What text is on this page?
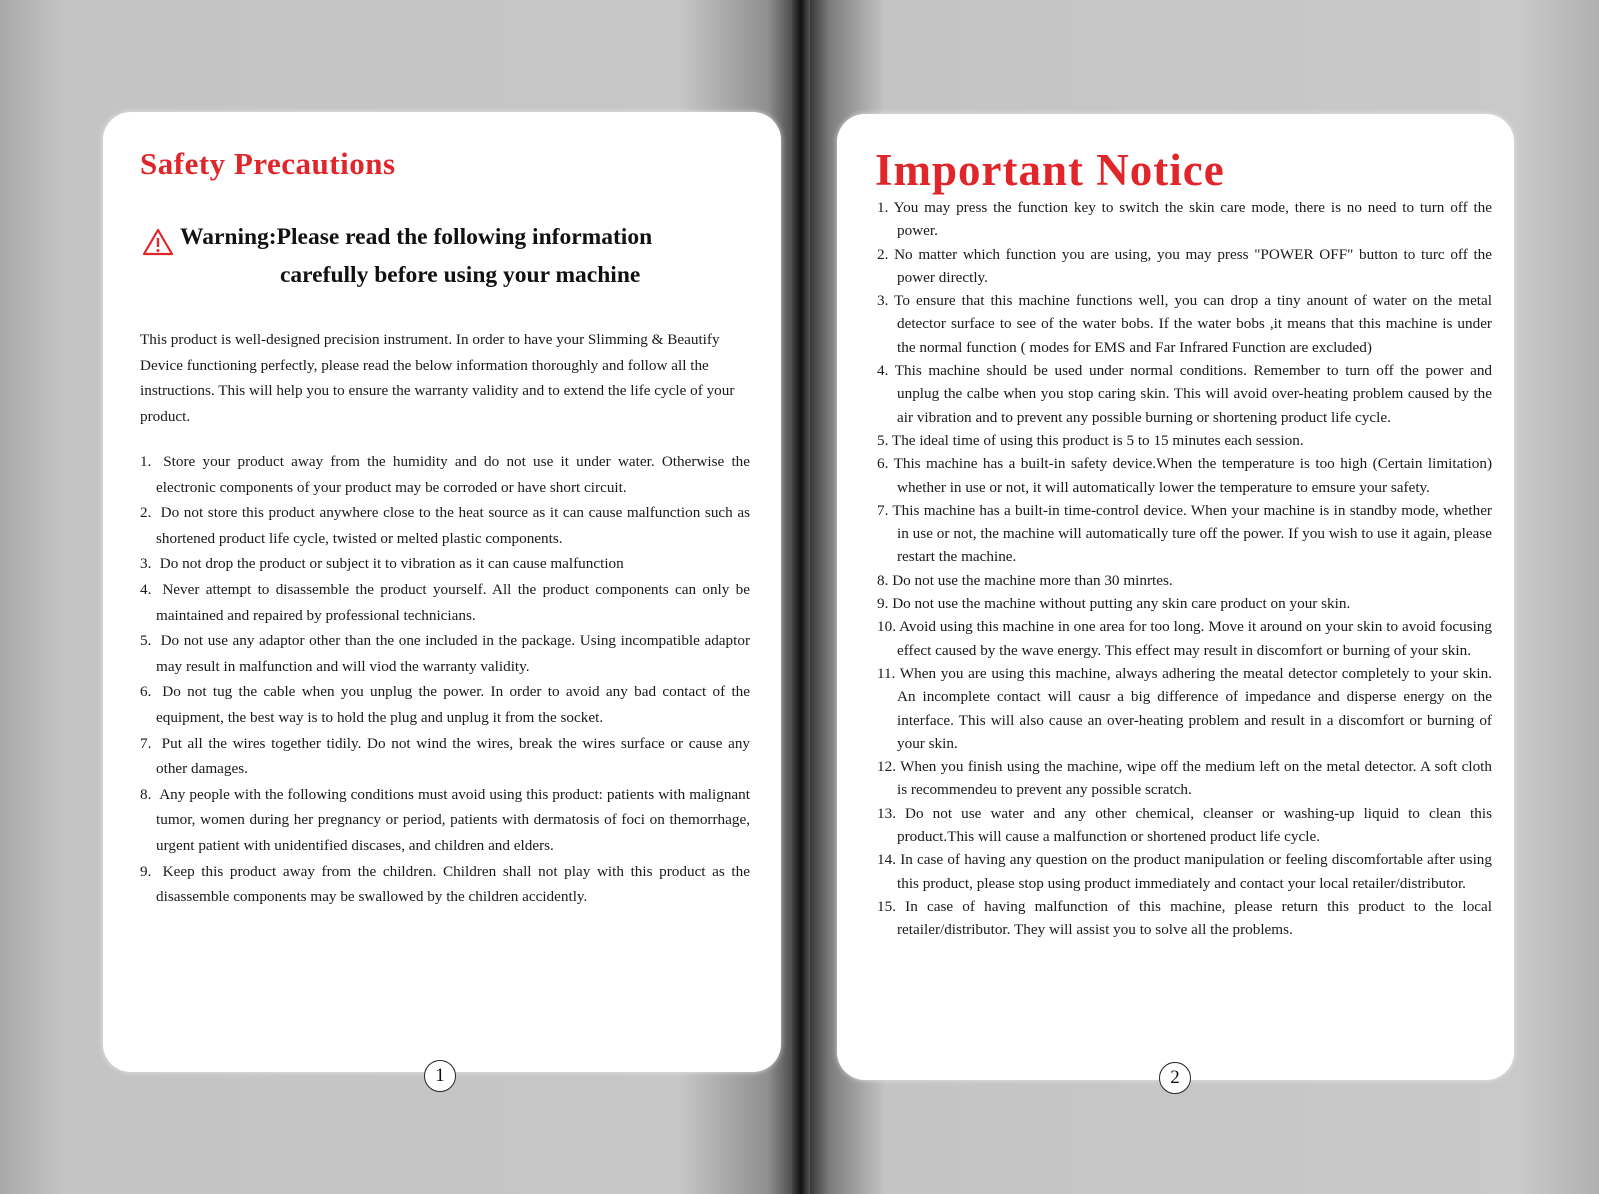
Safety Precautions
Warning:Please read the following information
carefully before using your machine

This product is well-designed precision instrument. In order to have your Slimming & Beautify Device functioning perfectly, please read the below information thoroughly and follow all the instructions. This will help you to ensure the warranty validity and to extend the life cycle of your product.

1. Store your product away from the humidity and do not use it under water. Otherwise the electronic components of your product may be corroded or have short circuit.
2. Do not store this product anywhere close to the heat source as it can cause malfunction such as shortened product life cycle, twisted or melted plastic components.
3. Do not drop the product or subject it to vibration as it can cause malfunction
4. Never attempt to disassemble the product yourself. All the product components can only be maintained and repaired by professional technicians.
5. Do not use any adaptor other than the one included in the package. Using incompatible adaptor may result in malfunction and will viod the warranty validity.
6. Do not tug the cable when you unplug the power. In order to avoid any bad contact of the equipment, the best way is to hold the plug and unplug it from the socket.
7. Put all the wires together tidily. Do not wind the wires, break the wires surface or cause any other damages.
8. Any people with the following conditions must avoid using this product: patients with malignant tumor, women during her pregnancy or period, patients with dermatosis of foci on themorrhage, urgent patient with unidentified discases, and children and elders.
9. Keep this product away from the children. Children shall not play with this product as the disassemble components may be swallowed by the children accidently.
1
Important Notice
1. You may press the function key to switch the skin care mode, there is no need to turn off the power.
2. No matter which function you are using, you may press "POWER OFF" button to turc off the power directly.
3. To ensure that this machine functions well, you can drop a tiny anount of water on the metal detector surface to see of the water bobs. If the water bobs ,it means that this machine is under the normal function ( modes for EMS and Far Infrared Function are excluded)
4. This machine should be used under normal conditions. Remember to turn off the power and unplug the calbe when you stop caring skin. This will avoid over-heating problem caused by the air vibration and to prevent any possible burning or shortening product life cycle.
5. The ideal time of using this product is 5 to 15 minutes each session.
6. This machine has a built-in safety device.When the temperature is too high (Certain limitation) whether in use or not, it will automatically lower the temperature to emsure your safety.
7. This machine has a built-in time-control device. When your machine is in standby mode, whether in use or not, the machine will automatically ture off the power. If you wish to use it again, please restart the machine.
8. Do not use the machine more than 30 minrtes.
9. Do not use the machine without putting any skin care product on your skin.
10. Avoid using this machine in one area for too long. Move it around on your skin to avoid focusing effect caused by the wave energy. This effect may result in discomfort or burning of your skin.
11. When you are using this machine, always adhering the meatal detector completely to your skin. An incomplete contact will causr a big difference of impedance and disperse energy on the interface. This will also cause an over-heating problem and result in a discomfort or burning of your skin.
12. When you finish using the machine, wipe off the medium left on the metal detector. A soft cloth is recommendeu to prevent any possible scratch.
13. Do not use water and any other chemical, cleanser or washing-up liquid to clean this product.This will cause a malfunction or shortened product life cycle.
14. In case of having any question on the product manipulation or feeling discomfortable after using this product, please stop using product immediately and contact your local retailer/distributor.
15. In case of having malfunction of this machine, please return this product to the local retailer/distributor. They will assist you to solve all the problems.
2
